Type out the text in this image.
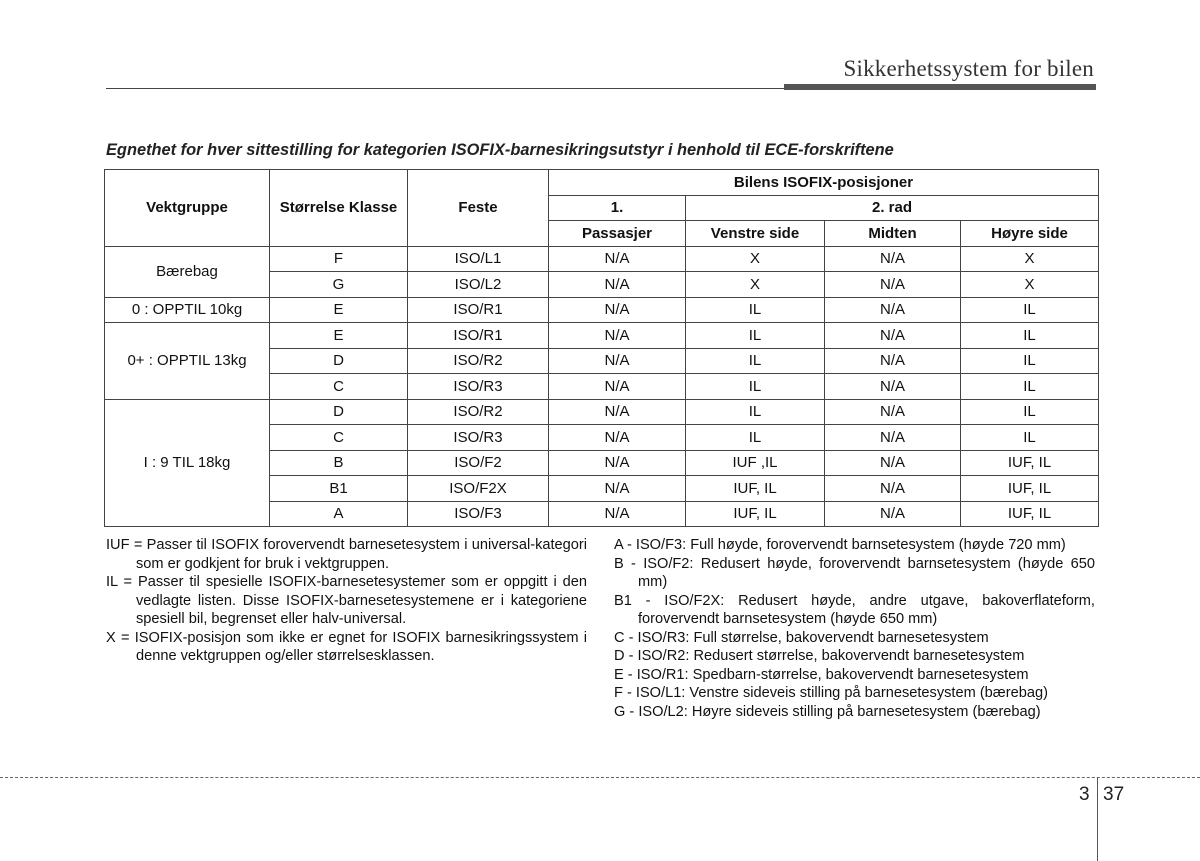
Sikkerhetssystem for bilen
Egnethet for hver sittestilling for kategorien ISOFIX-barnesikringsutstyr i henhold til ECE-forskriftene
Vektgruppe	Størrelse Klasse	Feste	Bilens ISOFIX-posisjoner			
			1.	2. rad		
			Passasjer	Venstre side	Midten	Høyre side
Bærebag	F	ISO/L1	N/A	X	N/A	X
	G	ISO/L2	N/A	X	N/A	X
0 : OPPTIL 10kg	E	ISO/R1	N/A	IL	N/A	IL
0+ : OPPTIL 13kg	E	ISO/R1	N/A	IL	N/A	IL
	D	ISO/R2	N/A	IL	N/A	IL
	C	ISO/R3	N/A	IL	N/A	IL
I : 9 TIL 18kg	D	ISO/R2	N/A	IL	N/A	IL
	C	ISO/R3	N/A	IL	N/A	IL
	B	ISO/F2	N/A	IUF ,IL	N/A	IUF, IL
	B1	ISO/F2X	N/A	IUF, IL	N/A	IUF, IL
	A	ISO/F3	N/A	IUF, IL	N/A	IUF, IL

IUF = Passer til ISOFIX forovervendt barnesetesystem i universal-kategori som er godkjent for bruk i vektgruppen.

IL = Passer til spesielle ISOFIX-barnesetesystemer som er oppgitt i den vedlagte listen. Disse ISOFIX-barnesetesystemene er i kategoriene spesiell bil, begrenset eller halv-universal.

X = ISOFIX-posisjon som ikke er egnet for ISOFIX barnesikringssystem i denne vektgruppen og/eller størrelsesklassen.

A - ISO/F3: Full høyde, forovervendt barnsetesystem (høyde 720 mm)

B - ISO/F2: Redusert høyde, forovervendt barnsetesystem (høyde 650 mm)

B1 - ISO/F2X: Redusert høyde, andre utgave, bakoverflateform, forovervendt barnsetesystem (høyde 650 mm)

C - ISO/R3: Full størrelse, bakovervendt barnesetesystem

D - ISO/R2: Redusert størrelse, bakovervendt barnesetesystem

E - ISO/R1: Spedbarn-størrelse, bakovervendt barnesetesystem

F - ISO/L1: Venstre sideveis stilling på barnesetesystem (bærebag)

G - ISO/L2: Høyre sideveis stilling på barnesetesystem (bærebag)

3 37
